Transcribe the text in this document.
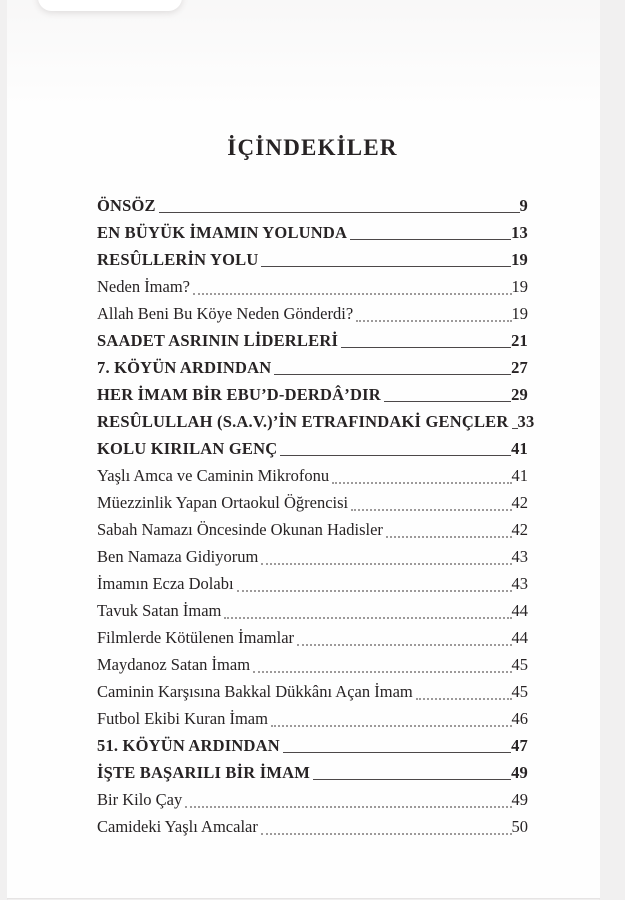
İÇİNDEKİLER
ÖNSÖZ	9
EN BÜYÜK İMAMIN YOLUNDA	13
RESÛLLERİN YOLU	19
Neden İmam?	19
Allah Beni Bu Köye Neden Gönderdi?	19
SAADET ASRININ LİDERLERİ	21
7. KÖYÜN ARDINDAN	27
HER İMAM BİR EBU’D-DERDÂ’DIR	29
RESÛLULLAH (S.A.V.)’İN ETRAFINDAKİ GENÇLER 33
KOLU KIRILAN GENÇ	41
Yaşlı Amca ve Caminin Mikrofonu	41
Müezzinlik Yapan Ortaokul Öğrencisi	42
Sabah Namazı Öncesinde Okunan Hadisler	42
Ben Namaza Gidiyorum	43
İmamın Ecza Dolabı	43
Tavuk Satan İmam	44
Filmlerde Kötülenen İmamlar	44
Maydanoz Satan İmam	45
Caminin Karşısına Bakkal Dükkânı Açan İmam	45
Futbol Ekibi Kuran İmam	46
51. KÖYÜN ARDINDAN	47
İŞTE BAŞARILI BİR İMAM	49
Bir Kilo Çay	49
Camideki Yaşlı Amcalar	50
